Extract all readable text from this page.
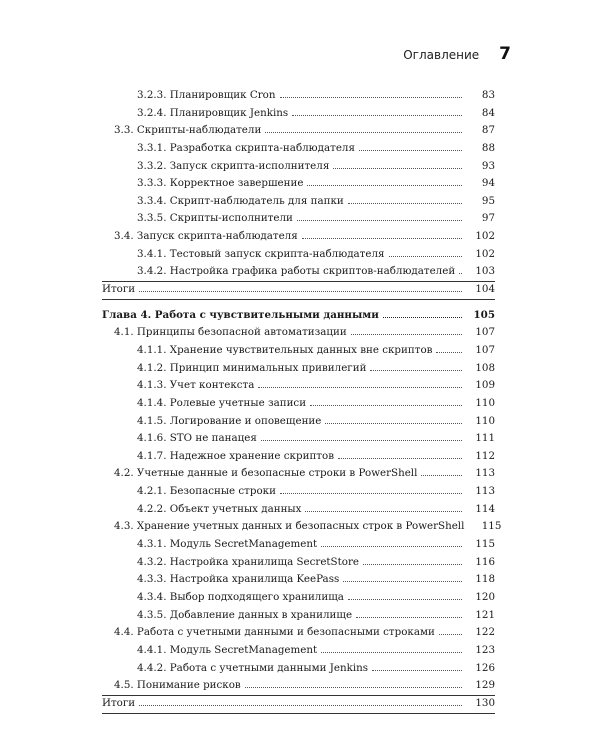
Оглавление 7
3.2.3. Планировщик Cron	83
3.2.4. Планировщик Jenkins	84
3.3. Скрипты-наблюдатели	87
3.3.1. Разработка скрипта-наблюдателя	88
3.3.2. Запуск скрипта-исполнителя	93
3.3.3. Корректное завершение	94
3.3.4. Скрипт-наблюдатель для папки	95
3.3.5. Скрипты-исполнители	97
3.4. Запуск скрипта-наблюдателя	102
3.4.1. Тестовый запуск скрипта-наблюдателя	102
3.4.2. Настройка графика работы скриптов-наблюдателей	103
Итоги	104
Глава 4. Работа с чувствительными данными	105
4.1. Принципы безопасной автоматизации	107
4.1.1. Хранение чувствительных данных вне скриптов	107
4.1.2. Принцип минимальных привилегий	108
4.1.3. Учет контекста	109
4.1.4. Ролевые учетные записи	110
4.1.5. Логирование и оповещение	110
4.1.6. STO не панацея	111
4.1.7. Надежное хранение скриптов	112
4.2. Учетные данные и безопасные строки в PowerShell	113
4.2.1. Безопасные строки	113
4.2.2. Объект учетных данных	114
4.3. Хранение учетных данных и безопасных строк в PowerShell	115
4.3.1. Модуль SecretManagement	115
4.3.2. Настройка хранилища SecretStore	116
4.3.3. Настройка хранилища KeePass	118
4.3.4. Выбор подходящего хранилища	120
4.3.5. Добавление данных в хранилище	121
4.4. Работа с учетными данными и безопасными строками	122
4.4.1. Модуль SecretManagement	123
4.4.2. Работа с учетными данными Jenkins	126
4.5. Понимание рисков	129
Итоги	130
